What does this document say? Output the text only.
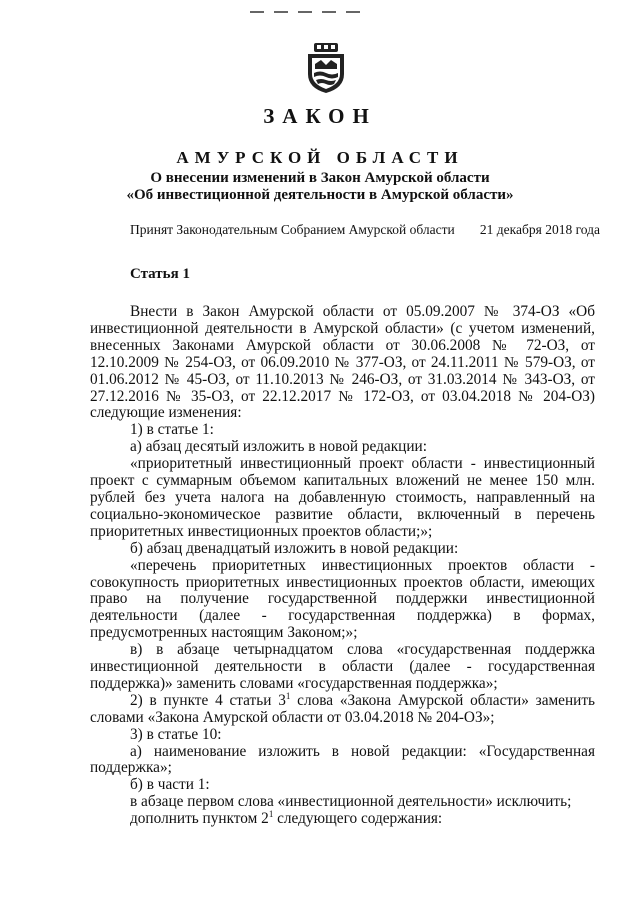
ЗАКОН
АМУРСКОЙ ОБЛАСТИ
О внесении изменений в Закон Амурской области
«Об инвестиционной деятельности в Амурской области»
Принят Законодательным Собранием Амурской области 21 декабря 2018 года
Статья 1

Внести в Закон Амурской области от 05.09.2007 № 374-ОЗ «Об инвестиционной деятельности в Амурской области» (с учетом изменений, внесенных Законами Амурской области от 30.06.2008 № 72-ОЗ, от 12.10.2009 № 254-ОЗ, от 06.09.2010 № 377-ОЗ, от 24.11.2011 № 579-ОЗ, от 01.06.2012 № 45-ОЗ, от 11.10.2013 № 246-ОЗ, от 31.03.2014 № 343-ОЗ, от 27.12.2016 № 35-ОЗ, от 22.12.2017 № 172-ОЗ, от 03.04.2018 № 204-ОЗ) следующие изменения:

1) в статье 1:

а) абзац десятый изложить в новой редакции:

«приоритетный инвестиционный проект области - инвестиционный проект с суммарным объемом капитальных вложений не менее 150 млн. рублей без учета налога на добавленную стоимость, направленный на социально-экономическое развитие области, включенный в перечень приоритетных инвестиционных проектов области;»;

б) абзац двенадцатый изложить в новой редакции:

«перечень приоритетных инвестиционных проектов области - совокупность приоритетных инвестиционных проектов области, имеющих право на получение государственной поддержки инвестиционной деятельности (далее - государственная поддержка) в формах, предусмотренных настоящим Законом;»;

в) в абзаце четырнадцатом слова «государственная поддержка инвестиционной деятельности в области (далее - государственная поддержка)» заменить словами «государственная поддержка»;

2) в пункте 4 статьи $3^1$ слова «Закона Амурской области» заменить словами «Закона Амурской области от 03.04.2018 № 204-ОЗ»;

3) в статье 10:

а) наименование изложить в новой редакции: «Государственная поддержка»;

б) в части 1:

в абзаце первом слова «инвестиционной деятельности» исключить;

дополнить пунктом $2^1$ следующего содержания:
